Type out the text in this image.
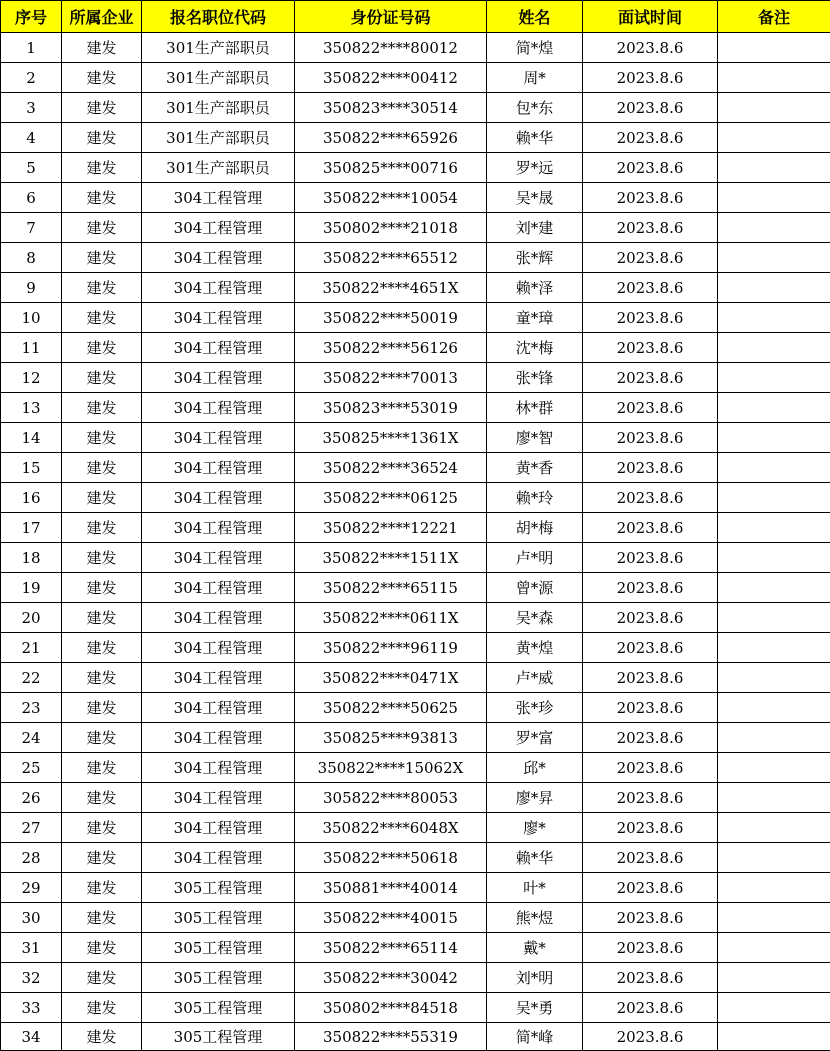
序号	所属企业	报名职位代码	身份证号码	姓名	面试时间	备注
1	建发	301生产部职员	350822****80012	简*煌	2023.8.6	
2	建发	301生产部职员	350822****00412	周*	2023.8.6	
3	建发	301生产部职员	350823****30514	包*东	2023.8.6	
4	建发	301生产部职员	350822****65926	赖*华	2023.8.6	
5	建发	301生产部职员	350825****00716	罗*远	2023.8.6	
6	建发	304工程管理	350822****10054	吴*晟	2023.8.6	
7	建发	304工程管理	350802****21018	刘*建	2023.8.6	
8	建发	304工程管理	350822****65512	张*辉	2023.8.6	
9	建发	304工程管理	350822****4651X	赖*泽	2023.8.6	
10	建发	304工程管理	350822****50019	童*璋	2023.8.6	
11	建发	304工程管理	350822****56126	沈*梅	2023.8.6	
12	建发	304工程管理	350822****70013	张*锋	2023.8.6	
13	建发	304工程管理	350823****53019	林*群	2023.8.6	
14	建发	304工程管理	350825****1361X	廖*智	2023.8.6	
15	建发	304工程管理	350822****36524	黄*香	2023.8.6	
16	建发	304工程管理	350822****06125	赖*玲	2023.8.6	
17	建发	304工程管理	350822****12221	胡*梅	2023.8.6	
18	建发	304工程管理	350822****1511X	卢*明	2023.8.6	
19	建发	304工程管理	350822****65115	曾*源	2023.8.6	
20	建发	304工程管理	350822****0611X	吴*森	2023.8.6	
21	建发	304工程管理	350822****96119	黄*煌	2023.8.6	
22	建发	304工程管理	350822****0471X	卢*威	2023.8.6	
23	建发	304工程管理	350822****50625	张*珍	2023.8.6	
24	建发	304工程管理	350825****93813	罗*富	2023.8.6	
25	建发	304工程管理	350822****15062X	邱*	2023.8.6	
26	建发	304工程管理	305822****80053	廖*昇	2023.8.6	
27	建发	304工程管理	350822****6048X	廖*	2023.8.6	
28	建发	304工程管理	350822****50618	赖*华	2023.8.6	
29	建发	305工程管理	350881****40014	叶*	2023.8.6	
30	建发	305工程管理	350822****40015	熊*煜	2023.8.6	
31	建发	305工程管理	350822****65114	戴*	2023.8.6	
32	建发	305工程管理	350822****30042	刘*明	2023.8.6	
33	建发	305工程管理	350802****84518	吴*勇	2023.8.6	
34	建发	305工程管理	350822****55319	简*峰	2023.8.6	
